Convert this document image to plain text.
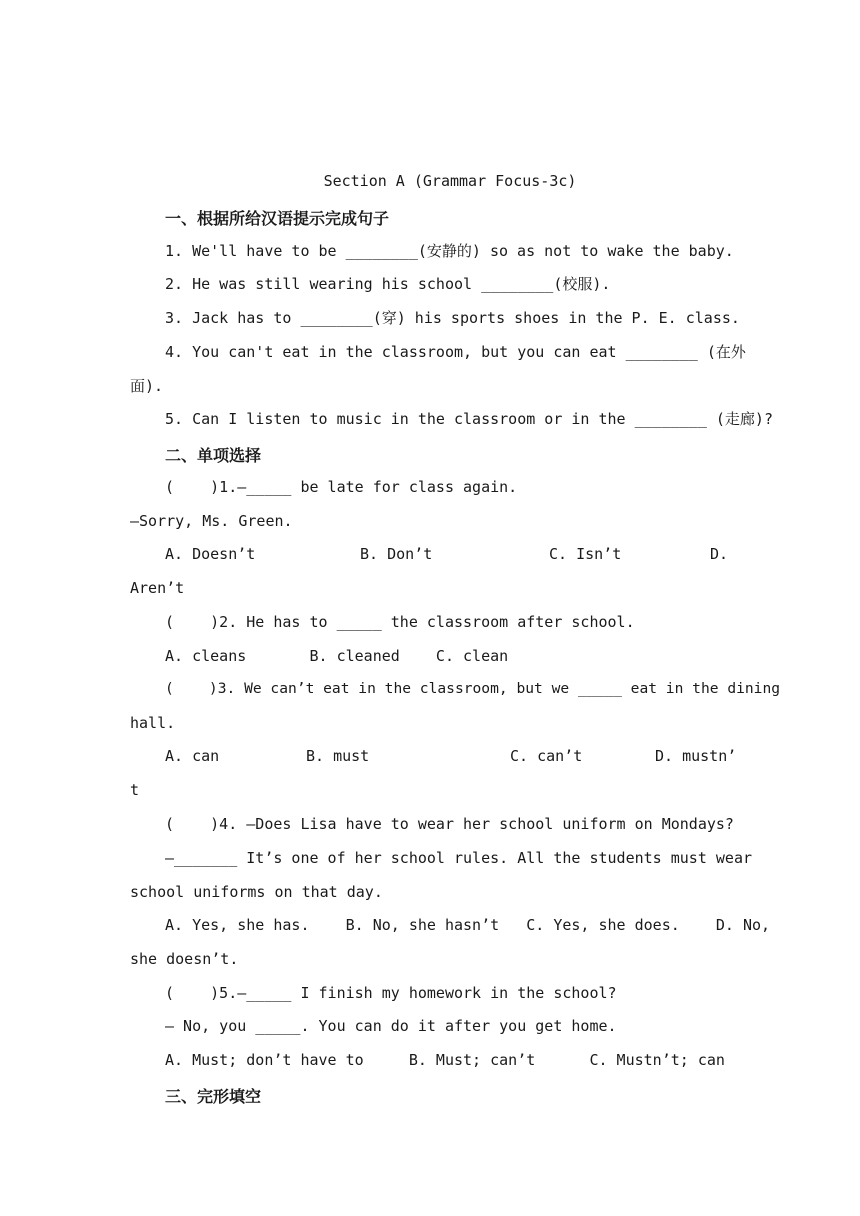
Section A (Grammar Focus-3c)
一、根据所给汉语提示完成句子
1. We'll have to be ________(安静的) so as not to wake the baby.
2. He was still wearing his school ________(校服).
3. Jack has to ________(穿) his sports shoes in the P. E. class.
4. You can't eat in the classroom, but you can eat ________ (在外
面).
5. Can I listen to music in the classroom or in the ________ (走廊)?
二、单项选择
(    )1.—_____ be late for class again.
—Sorry, Ms. Green.
A. Doesn’t	B. Don’t	C. Isn’t	D.
Aren’t
(    )2. He has to _____ the classroom after school.
A. cleans       B. cleaned    C. clean
(    )3. We can’t eat in the classroom, but we _____ eat in the dining
hall.
A. can	B. must	C. can’t	D. mustn’
t
(    )4. —Does Lisa have to wear her school uniform on Mondays?
—_______ It’s one of her school rules. All the students must wear
school uniforms on that day.
A. Yes, she has.    B. No, she hasn’t   C. Yes, she does.    D. No,
she doesn’t.
(    )5.—_____ I finish my homework in the school?
— No, you _____. You can do it after you get home.
A. Must; don’t have to     B. Must; can’t      C. Mustn’t; can
三、完形填空
